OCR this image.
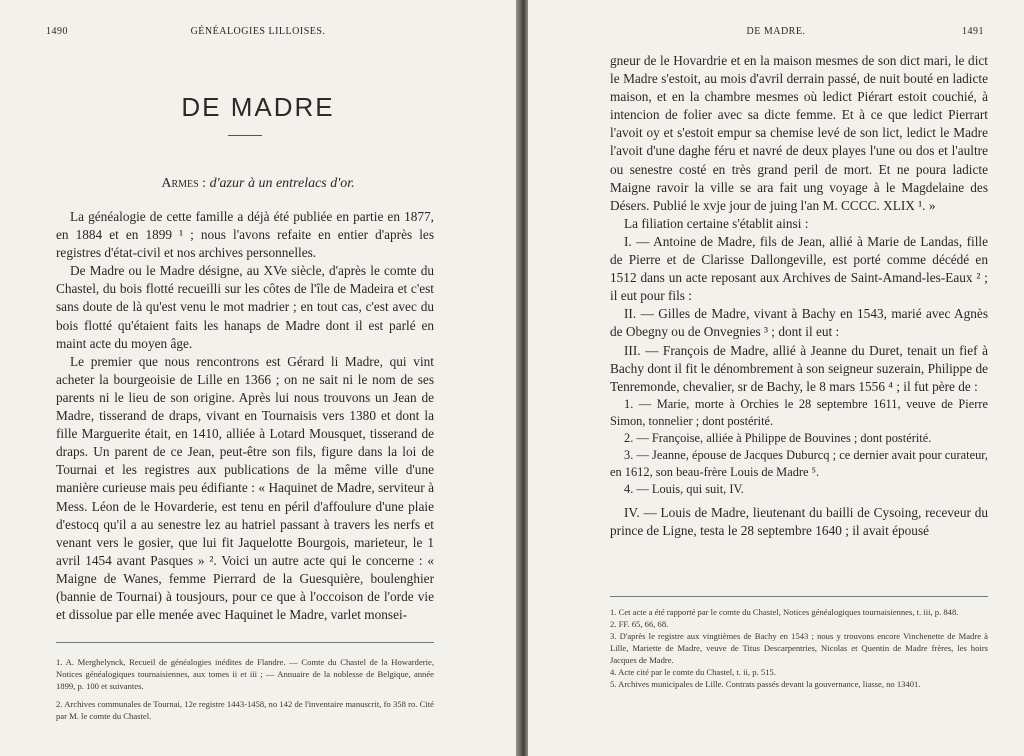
1490	GÉNÉALOGIES LILLOISES.
DE MADRE
Armes : d'azur à un entrelacs d'or.

La généalogie de cette famille a déjà été publiée en partie en 1877, en 1884 et en 1899 ¹ ; nous l'avons refaite en entier d'après les registres d'état-civil et nos archives personnelles.

De Madre ou le Madre désigne, au XVe siècle, d'après le comte du Chastel, du bois flotté recueilli sur les côtes de l'île de Madeira et c'est sans doute de là qu'est venu le mot madrier ; en tout cas, c'est avec du bois flotté qu'étaient faits les hanaps de Madre dont il est parlé en maint acte du moyen âge.

Le premier que nous rencontrons est Gérard li Madre, qui vint acheter la bourgeoisie de Lille en 1366 ; on ne sait ni le nom de ses parents ni le lieu de son origine. Après lui nous trouvons un Jean de Madre, tisserand de draps, vivant en Tournaisis vers 1380 et dont la fille Marguerite était, en 1410, alliée à Lotard Mousquet, tisserand de draps. Un parent de ce Jean, peut-être son fils, figure dans la loi de Tournai et les registres aux publications de la même ville d'une manière curieuse mais peu édifiante : « Haquinet de Madre, serviteur à Mess. Léon de le Hovarderie, est tenu en péril d'affoulure d'une plaie d'estocq qu'il a au senestre lez au hatriel passant à travers les nerfs et venant vers le gosier, que lui fit Jaquelotte Bourgois, marieteur, le 1 avril 1454 avant Pasques » ². Voici un autre acte qui le concerne : « Maigne de Wanes, femme Pierrard de la Guesquière, boulenghier (bannie de Tournai) à tousjours, pour ce que à l'occoison de l'orde vie et dissolue par elle menée avec Haquinet le Madre, varlet monsei-

1. A. Merghelynck, Recueil de généalogies inédites de Flandre. — Comte du Chastel de la Howarderie, Notices généalogiques tournaisiennes, aux tomes ii et iii ; — Annuaire de la noblesse de Belgique, année 1899, p. 100 et suivantes.

2. Archives communales de Tournai, 12e registre 1443-1458, no 142 de l'inventaire manuscrit, fo 358 ro. Cité par M. le comte du Chastel.

DE MADRE.	1491

gneur de le Hovardrie et en la maison mesmes de son dict mari, le dict le Madre s'estoit, au mois d'avril derrain passé, de nuit bouté en ladicte maison, et en la chambre mesmes où ledict Piérart estoit couchié, à intencion de folier avec sa dicte femme. Et à ce que ledict Pierrart l'avoit oy et s'estoit empur sa chemise levé de son lict, ledict le Madre l'avoit d'une daghe féru et navré de deux playes l'une ou dos et l'aultre ou senestre costé en très grand peril de mort. Et ne poura ladicte Maigne ravoir la ville se ara fait ung voyage à le Magdelaine des Désers. Publié le xvje jour de juing l'an M. CCCC. XLIX ¹. »

La filiation certaine s'établit ainsi :

I. — Antoine de Madre, fils de Jean, allié à Marie de Landas, fille de Pierre et de Clarisse Dallongeville, est porté comme décédé en 1512 dans un acte reposant aux Archives de Saint-Amand-les-Eaux ² ; il eut pour fils :

II. — Gilles de Madre, vivant à Bachy en 1543, marié avec Agnès de Obegny ou de Onvegnies ³ ; dont il eut :

III. — François de Madre, allié à Jeanne du Duret, tenait un fief à Bachy dont il fit le dénombrement à son seigneur suzerain, Philippe de Tenremonde, chevalier, sr de Bachy, le 8 mars 1556 ⁴ ; il fut père de :

1. — Marie, morte à Orchies le 28 septembre 1611, veuve de Pierre Simon, tonnelier ; dont postérité.

2. — Françoise, alliée à Philippe de Bouvines ; dont postérité.

3. — Jeanne, épouse de Jacques Duburcq ; ce dernier avait pour curateur, en 1612, son beau-frère Louis de Madre ⁵.

4. — Louis, qui suit, IV.

IV. — Louis de Madre, lieutenant du bailli de Cysoing, receveur du prince de Ligne, testa le 28 septembre 1640 ; il avait épousé

1. Cet acte a été rapporté par le comte du Chastel, Notices généalogiques tournaisiennes, t. iii, p. 848.

2. FF. 65, 66, 68.

3. D'après le registre aux vingtièmes de Bachy en 1543 ; nous y trouvons encore Vinchenette de Madre à Lille, Mariette de Madre, veuve de Titus Descarpentries, Nicolas et Quentin de Madre frères, les hoirs Jacques de Madre.

4. Acte cité par le comte du Chastel, t. ii, p. 515.

5. Archives municipales de Lille. Contrats passés devant la gouvernance, liasse, no 13401.
